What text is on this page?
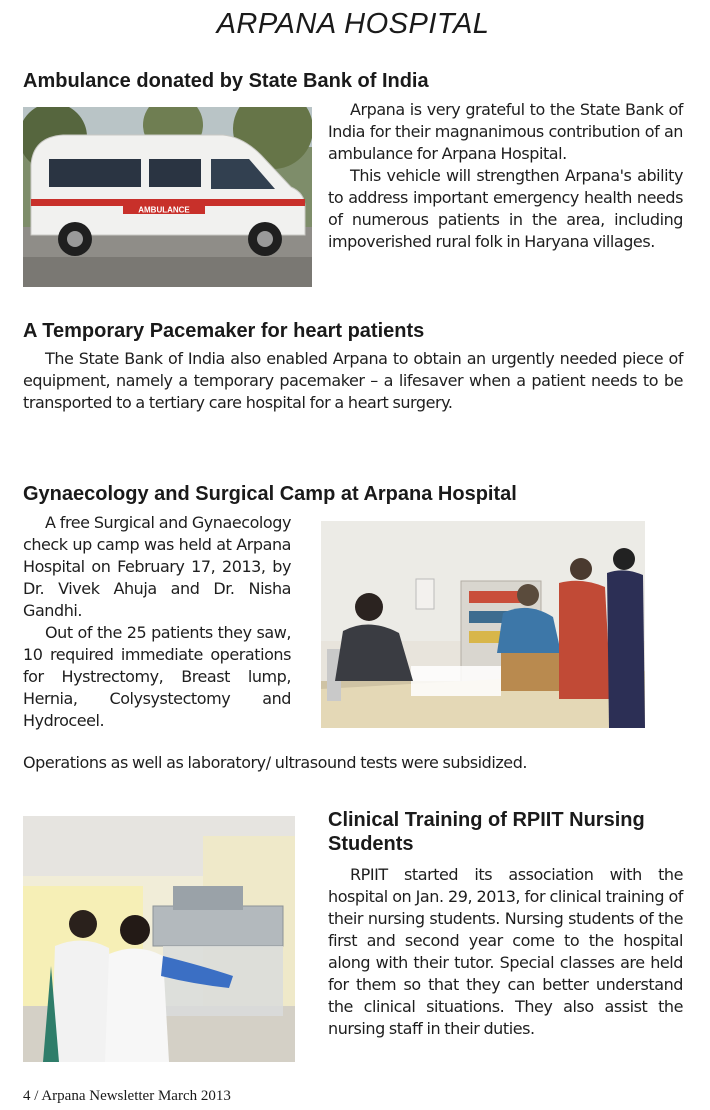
ARPANA HOSPITAL
Ambulance donated by State Bank of India
AMBULANCE

Arpana is very grateful to the State Bank of India for their magnanimous contribution of an ambulance for Arpana Hospital.

This vehicle will strengthen Arpana's ability to address important emergency health needs of numerous patients in the area, including impoverished rural folk in Haryana villages.

A Temporary Pacemaker for heart patients

The State Bank of India also enabled Arpana to obtain an urgently needed piece of equipment, namely a temporary pacemaker – a lifesaver when a patient needs to be transported to a tertiary care hospital for a heart surgery.

Gynaecology and Surgical Camp at Arpana Hospital

A free Surgical and Gynaecology check up camp was held at Arpana Hospital on February 17, 2013, by Dr. Vivek Ahuja and Dr. Nisha Gandhi.

Out of the 25 patients they saw, 10 required immediate operations for Hystrectomy, Breast lump, Hernia, Colysystectomy and Hydroceel.

Operations as well as laboratory/ ultrasound tests were subsidized.

Clinical Training of RPIIT Nursing Students

RPIIT started its association with the hospital on Jan. 29, 2013, for clinical training of their nursing students. Nursing students of the first and second year come to the hospital along with their tutor. Special classes are held for them so that they can better understand the clinical situations. They also assist the nursing staff in their duties.

4 / Arpana Newsletter March 2013
